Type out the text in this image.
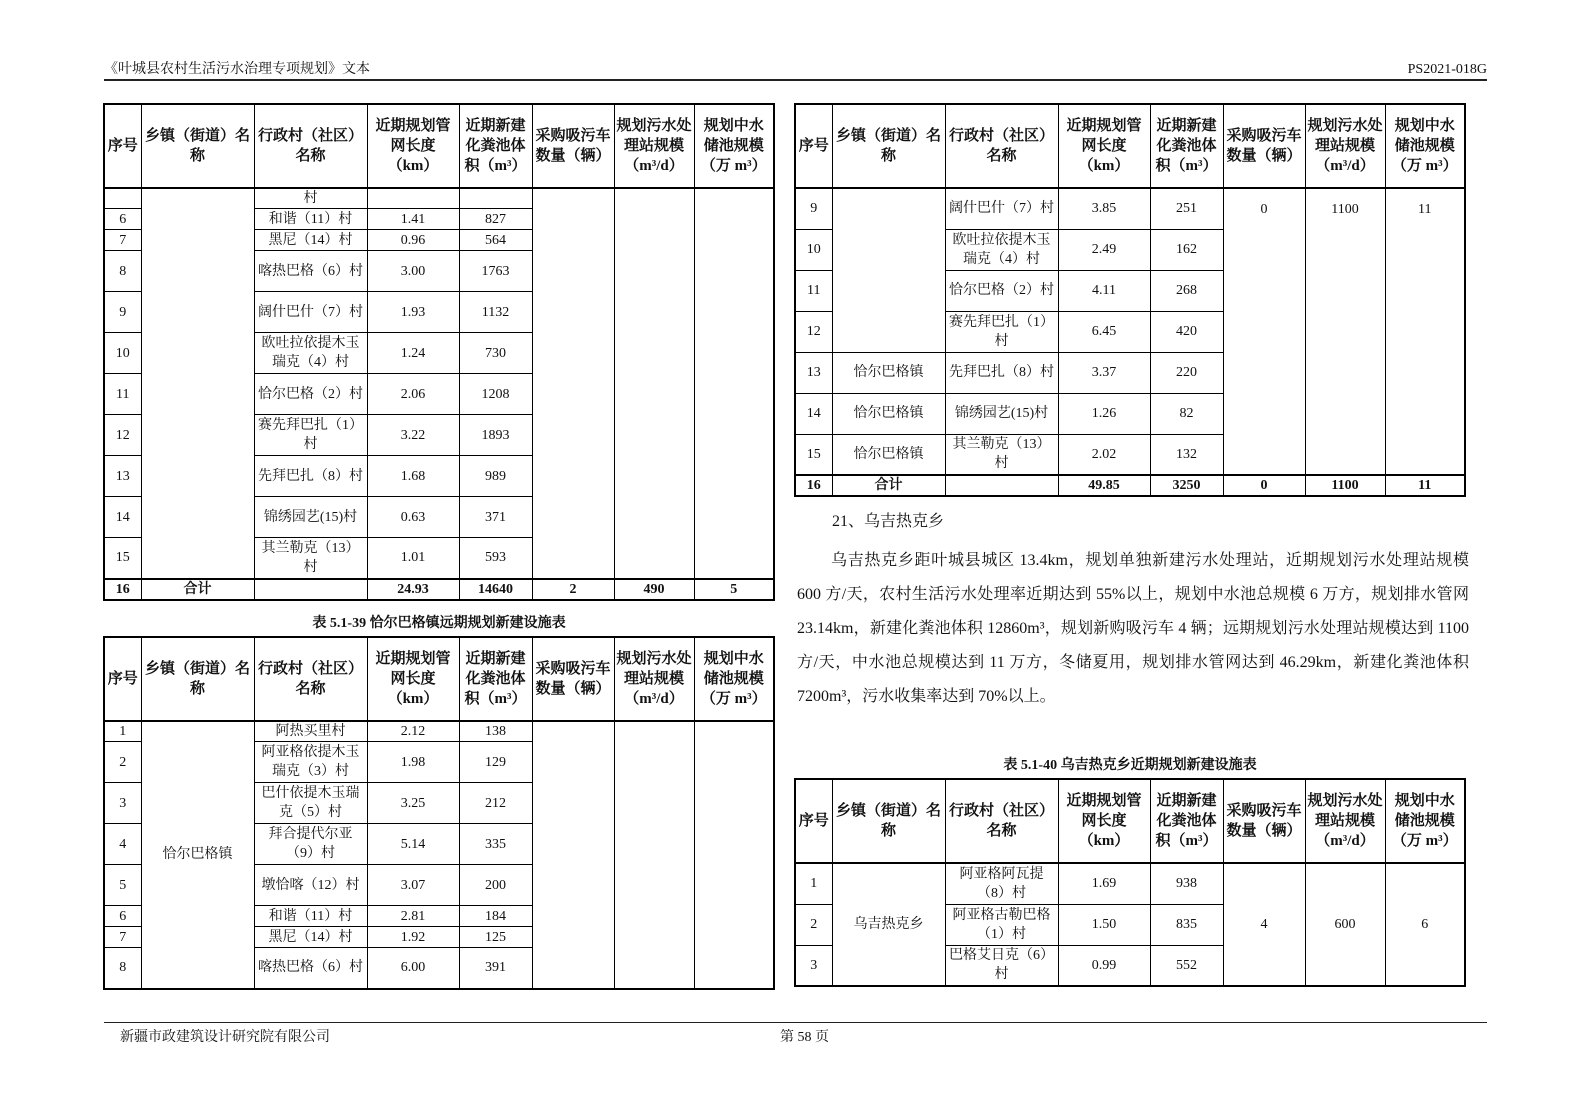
《叶城县农村生活污水治理专项规划》文本	PS2021-018G
序号	乡镇（街道）名称	行政村（社区）名称	近期规划管网长度（km）	近期新建化粪池体积（m³）	采购吸污车数量（辆）	规划污水处理站规模（m³/d）	规划中水储池规模（万 m³）
		村					
6		和谐（11）村	1.41	827			
7		黑尼（14）村	0.96	564			
8		喀热巴格（6）村	3.00	1763			
9		阔什巴什（7）村	1.93	1132			
10		欧吐拉依提木玉瑞克（4）村	1.24	730			
11		恰尔巴格（2）村	2.06	1208			
12		赛先拜巴扎（1）村	3.22	1893			
13		先拜巴扎（8）村	1.68	989			
14		锦绣园艺(15)村	0.63	371			
15		其兰勒克（13）村	1.01	593			
16	合计		24.93	14640	2	490	5
表 5.1-39 恰尔巴格镇远期规划新建设施表
序号	乡镇（街道）名称	行政村（社区）名称	近期规划管网长度（km）	近期新建化粪池体积（m³）	采购吸污车数量（辆）	规划污水处理站规模（m³/d）	规划中水储池规模（万 m³）
1	恰尔巴格镇	阿热买里村	2.12	138			
2		阿亚格依提木玉瑞克（3）村	1.98	129			
3		巴什依提木玉瑞克（5）村	3.25	212			
4		拜合提代尔亚（9）村	5.14	335			
5		墩恰喀（12）村	3.07	200			
6		和谐（11）村	2.81	184			
7		黑尼（14）村	1.92	125			
8		喀热巴格（6）村	6.00	391			
序号	乡镇（街道）名称	行政村（社区）名称	近期规划管网长度（km）	近期新建化粪池体积（m³）	采购吸污车数量（辆）	规划污水处理站规模（m³/d）	规划中水储池规模（万 m³）
9		阔什巴什（7）村	3.85	251	0	1100	11

10		欧吐拉依提木玉瑞克（4）村	2.49	162			
11		恰尔巴格（2）村	4.11	268			
12		赛先拜巴扎（1）村	6.45	420			
13	恰尔巴格镇	先拜巴扎（8）村	3.37	220			
14	恰尔巴格镇	锦绣园艺(15)村	1.26	82			
15	恰尔巴格镇	其兰勒克（13）村	2.02	132			
16	合计		49.85	3250	0	1100	11
21、乌吉热克乡
乌吉热克乡距叶城县城区 13.4km，规划单独新建污水处理站，近期规划污水处理站规模 600 方/天，农村生活污水处理率近期达到 55%以上，规划中水池总规模 6 万方，规划排水管网 23.14km，新建化粪池体积 12860m³，规划新购吸污车 4 辆；远期规划污水处理站规模达到 1100 方/天，中水池总规模达到 11 万方，冬储夏用，规划排水管网达到 46.29km，新建化粪池体积 7200m³，污水收集率达到 70%以上。
表 5.1-40 乌吉热克乡近期规划新建设施表
序号	乡镇（街道）名称	行政村（社区）名称	近期规划管网长度（km）	近期新建化粪池体积（m³）	采购吸污车数量（辆）	规划污水处理站规模（m³/d）	规划中水储池规模（万 m³）
1	乌吉热克乡	阿亚格阿瓦提（8）村	1.69	938	4	600	6
2		阿亚格古勒巴格（1）村	1.50	835			
3		巴格艾日克（6）村	0.99	552			
新疆市政建筑设计研究院有限公司	第 58 页
